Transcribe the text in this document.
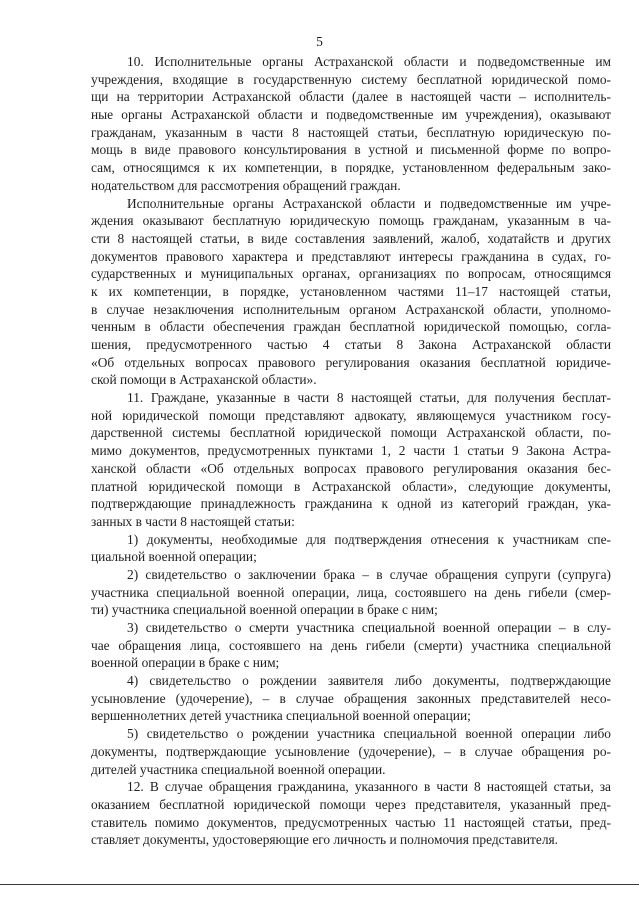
5
10. Исполнительные органы Астраханской области и подведомственные им
учреждения, входящие в государственную систему бесплатной юридической помо-
щи на территории Астраханской области (далее в настоящей части – исполнитель-
ные органы Астраханской области и подведомственные им учреждения), оказывают
гражданам, указанным в части 8 настоящей статьи, бесплатную юридическую по-
мощь в виде правового консультирования в устной и письменной форме по вопро-
сам, относящимся к их компетенции, в порядке, установленном федеральным зако-
нодательством для рассмотрения обращений граждан.
Исполнительные органы Астраханской области и подведомственные им учре-
ждения оказывают бесплатную юридическую помощь гражданам, указанным в ча-
сти 8 настоящей статьи, в виде составления заявлений, жалоб, ходатайств и других
документов правового характера и представляют интересы гражданина в судах, го-
сударственных и муниципальных органах, организациях по вопросам, относящимся
к их компетенции, в порядке, установленном частями 11–17 настоящей статьи,
в случае незаключения исполнительным органом Астраханской области, уполномо-
ченным в области обеспечения граждан бесплатной юридической помощью, согла-
шения, предусмотренного частью 4 статьи 8 Закона Астраханской области
«Об отдельных вопросах правового регулирования оказания бесплатной юридиче-
ской помощи в Астраханской области».
11. Граждане, указанные в части 8 настоящей статьи, для получения бесплат-
ной юридической помощи представляют адвокату, являющемуся участником госу-
дарственной системы бесплатной юридической помощи Астраханской области, по-
мимо документов, предусмотренных пунктами 1, 2 части 1 статьи 9 Закона Астра-
ханской области «Об отдельных вопросах правового регулирования оказания бес-
платной юридической помощи в Астраханской области», следующие документы,
подтверждающие принадлежность гражданина к одной из категорий граждан, ука-
занных в части 8 настоящей статьи:
1) документы, необходимые для подтверждения отнесения к участникам спе-
циальной военной операции;
2) свидетельство о заключении брака – в случае обращения супруги (супруга)
участника специальной военной операции, лица, состоявшего на день гибели (смер-
ти) участника специальной военной операции в браке с ним;
3) свидетельство о смерти участника специальной военной операции – в слу-
чае обращения лица, состоявшего на день гибели (смерти) участника специальной
военной операции в браке с ним;
4) свидетельство о рождении заявителя либо документы, подтверждающие
усыновление (удочерение), – в случае обращения законных представителей несо-
вершеннолетних детей участника специальной военной операции;
5) свидетельство о рождении участника специальной военной операции либо
документы, подтверждающие усыновление (удочерение), – в случае обращения ро-
дителей участника специальной военной операции.
12. В случае обращения гражданина, указанного в части 8 настоящей статьи, за
оказанием бесплатной юридической помощи через представителя, указанный пред-
ставитель помимо документов, предусмотренных частью 11 настоящей статьи, пред-
ставляет документы, удостоверяющие его личность и полномочия представителя.
